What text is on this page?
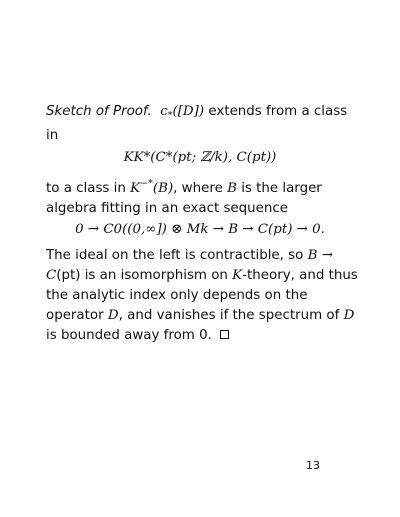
Sketch of Proof. $c_*([D])$ extends from a class in

KK*(C*(pt; ℤ/k), C(pt))

to a class in K−*(B), where B is the larger algebra fitting in an exact sequence

0 → C0((0,∞]) ⊗ Mk → B → C(pt) → 0.

The ideal on the left is contractible, so B → C(pt) is an isomorphism on K-theory, and thus the analytic index only depends on the operator D, and vanishes if the spectrum of D is bounded away from 0.

13
